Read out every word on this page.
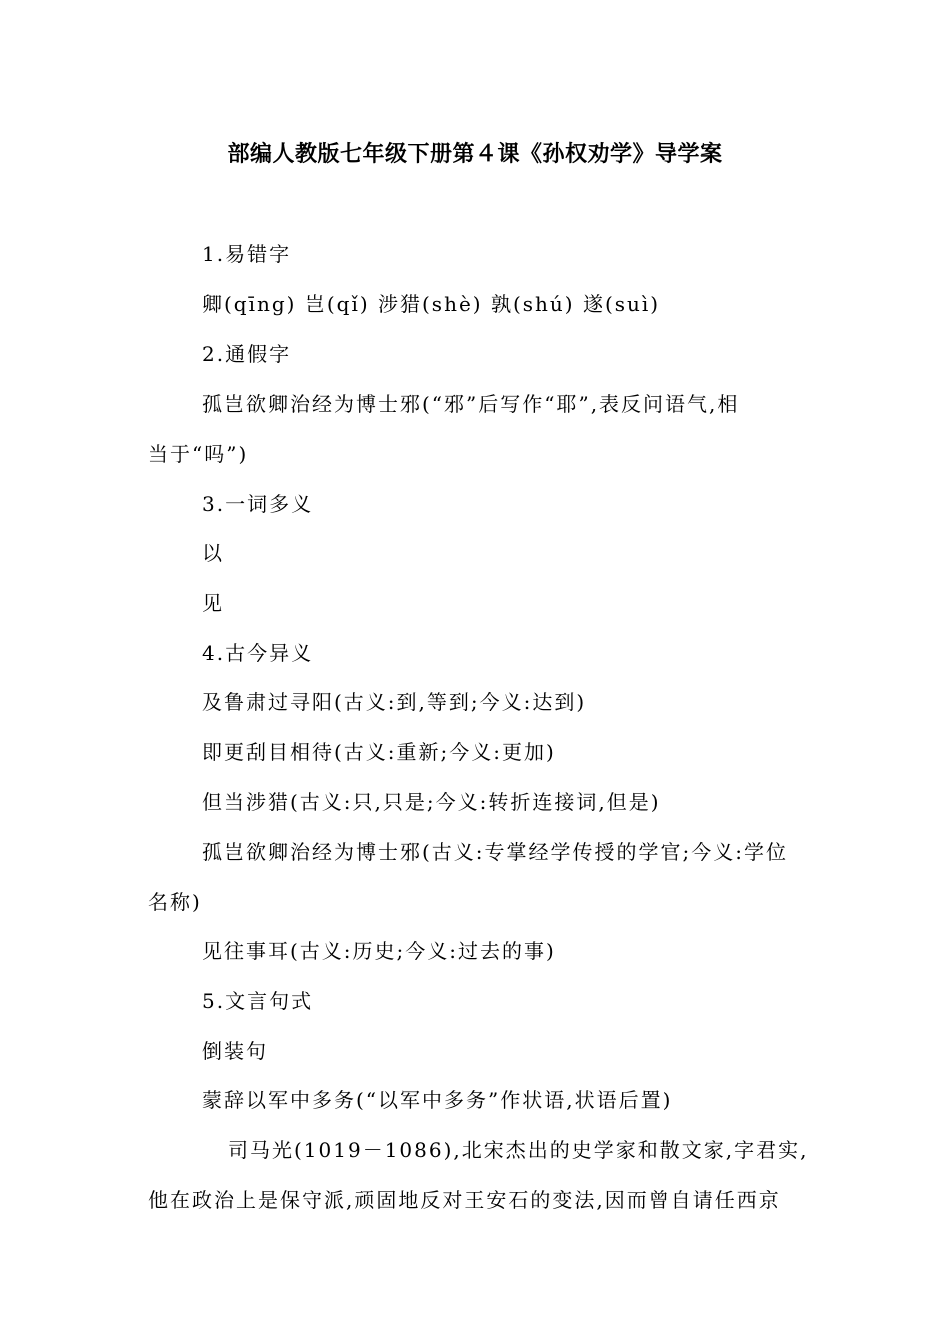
部编人教版七年级下册第４课《孙权劝学》导学案
1.易错字
卿(qīng) 岂(qǐ) 涉猎(shè) 孰(shú) 遂(suì)
2.通假字
孤岂欲卿治经为博士邪(“邪”后写作“耶”,表反问语气,相
当于“吗”)
3.一词多义
以
见
4.古今异义
及鲁肃过寻阳(古义:到,等到;今义:达到)
即更刮目相待(古义:重新;今义:更加)
但当涉猎(古义:只,只是;今义:转折连接词,但是)
孤岂欲卿治经为博士邪(古义:专掌经学传授的学官;今义:学位
名称)
见往事耳(古义:历史;今义:过去的事)
5.文言句式
倒装句
蒙辞以军中多务(“以军中多务”作状语,状语后置)
司马光(1019－1086),北宋杰出的史学家和散文家,字君实,
他在政治上是保守派,顽固地反对王安石的变法,因而曾自请任西京
